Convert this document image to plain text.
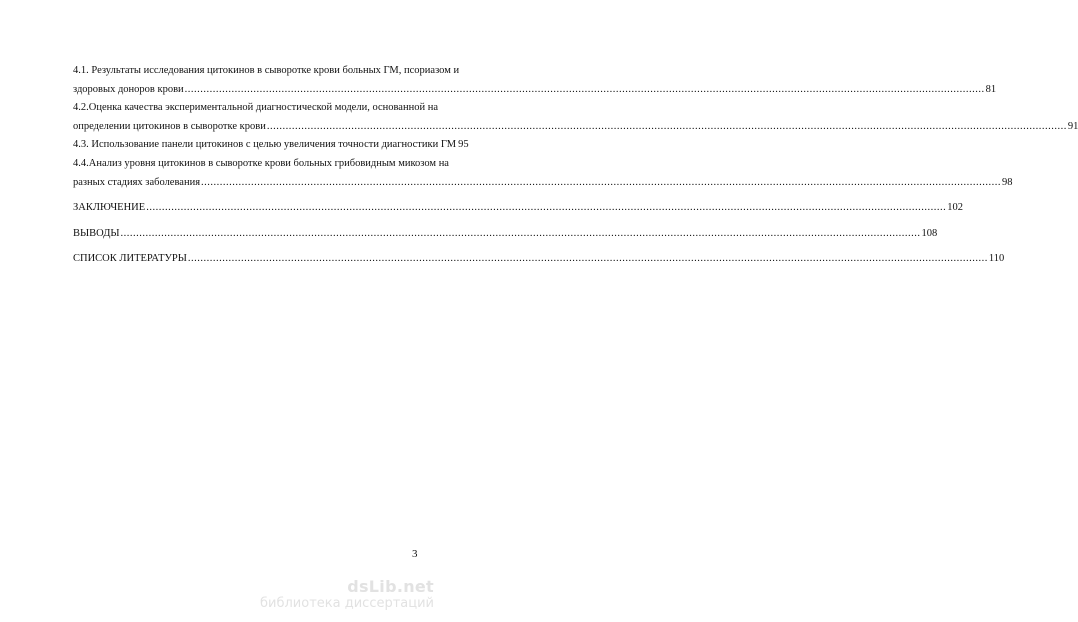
4.1. Результаты исследования цитокинов в сыворотке крови больных ГМ, псориазом и
здоровых доноров крови .....	81
4.2.Оценка качества экспериментальной диагностической модели, основанной на
определении цитокинов в сыворотке крови .....	91
4.3. Использование панели цитокинов с целью увеличения точности диагностики ГМ 95
4.4.Анализ уровня цитокинов в сыворотке крови больных грибовидным микозом на
разных стадиях заболевания .....	98
ЗАКЛЮЧЕНИЕ .....	102
ВЫВОДЫ .....	108
СПИСОК ЛИТЕРАТУРЫ .....	110
3
dsLib.net
библиотека диссертаций
